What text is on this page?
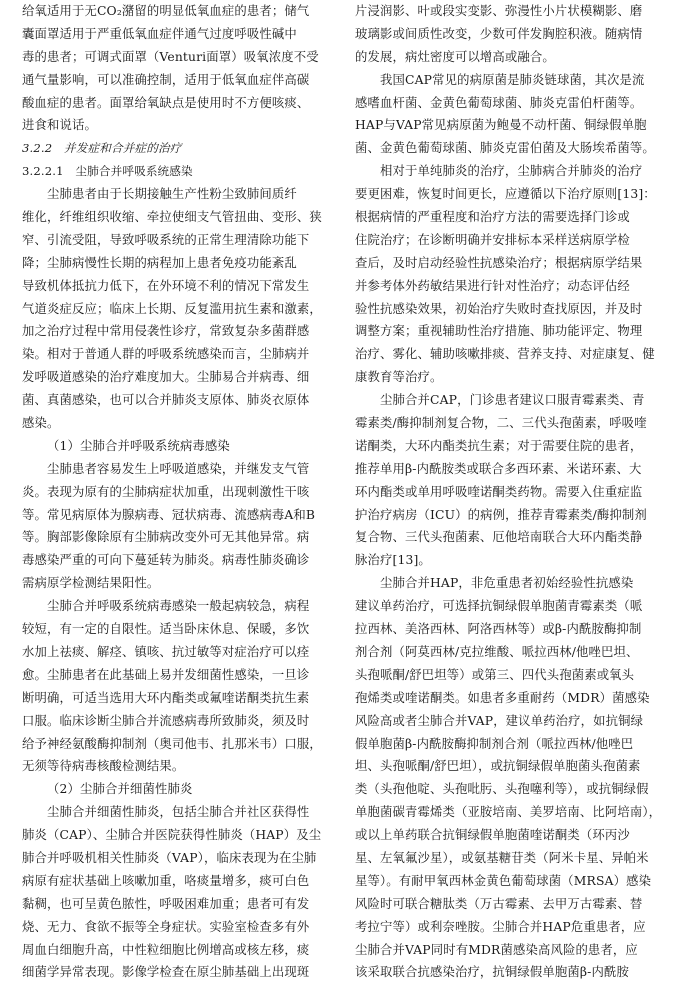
给氧适用于无CO₂潴留的明显低氧血症的患者；储气
囊面罩适用于严重低氧血症伴通气过度呼吸性碱中
毒的患者；可调式面罩（Venturi面罩）吸氧浓度不受
通气量影响，可以准确控制，适用于低氧血症伴高碳
酸血症的患者。面罩给氧缺点是使用时不方便咳痰、
进食和说话。
3.2.2　并发症和合并症的治疗
3.2.2.1　尘肺合并呼吸系统感染
尘肺患者由于长期接触生产性粉尘致肺间质纤
维化，纤维组织收缩、牵拉使细支气管扭曲、变形、狭
窄、引流受阻，导致呼吸系统的正常生理清除功能下
降；尘肺病慢性长期的病程加上患者免疫功能紊乱
导致机体抵抗力低下，在外环境不利的情况下常发生
气道炎症反应；临床上长期、反复滥用抗生素和激素，
加之治疗过程中常用侵袭性诊疗，常致复杂多菌群感
染。相对于普通人群的呼吸系统感染而言，尘肺病并
发呼吸道感染的治疗难度加大。尘肺易合并病毒、细
菌、真菌感染，也可以合并肺炎支原体、肺炎衣原体
感染。
（1）尘肺合并呼吸系统病毒感染
尘肺患者容易发生上呼吸道感染，并继发支气管
炎。表现为原有的尘肺病症状加重，出现刺激性干咳
等。常见病原体为腺病毒、冠状病毒、流感病毒A和B
等。胸部影像除原有尘肺病改变外可无其他异常。病
毒感染严重的可向下蔓延转为肺炎。病毒性肺炎确诊
需病原学检测结果阳性。
尘肺合并呼吸系统病毒感染一般起病较急，病程
较短，有一定的自限性。适当卧床休息、保暖，多饮
水加上祛痰、解痉、镇咳、抗过敏等对症治疗可以痊
愈。尘肺患者在此基础上易并发细菌性感染，一旦诊
断明确，可适当选用大环内酯类或氟喹诺酮类抗生素
口服。临床诊断尘肺合并流感病毒所致肺炎，须及时
给予神经氨酸酶抑制剂（奥司他韦、扎那米韦）口服，
无须等待病毒核酸检测结果。
（2）尘肺合并细菌性肺炎
尘肺合并细菌性肺炎，包括尘肺合并社区获得性
肺炎（CAP）、尘肺合并医院获得性肺炎（HAP）及尘
肺合并呼吸机相关性肺炎（VAP），临床表现为在尘肺
病原有症状基础上咳嗽加重，咯痰量增多，痰可白色
黏稠，也可呈黄色脓性，呼吸困难加重；患者可有发
烧、无力、食欲不振等全身症状。实验室检查多有外
周血白细胞升高，中性粒细胞比例增高或核左移，痰
细菌学异常表现。影像学检查在原尘肺基础上出现斑
片浸润影、叶或段实变影、弥漫性小片状模糊影、磨
玻璃影或间质性改变，少数可伴发胸腔积液。随病情
的发展，病灶密度可以增高或融合。
我国CAP常见的病原菌是肺炎链球菌，其次是流
感嗜血杆菌、金黄色葡萄球菌、肺炎克雷伯杆菌等。
HAP与VAP常见病原菌为鲍曼不动杆菌、铜绿假单胞
菌、金黄色葡萄球菌、肺炎克雷伯菌及大肠埃希菌等。
相对于单纯肺炎的治疗，尘肺病合并肺炎的治疗
要更困难，恢复时间更长，应遵循以下治疗原则[13]：
根据病情的严重程度和治疗方法的需要选择门诊或
住院治疗；在诊断明确并安排标本采样送病原学检
查后，及时启动经验性抗感染治疗；根据病原学结果
并参考体外药敏结果进行针对性治疗；动态评估经
验性抗感染效果，初始治疗失败时查找原因，并及时
调整方案；重视辅助性治疗措施、肺功能评定、物理
治疗、雾化、辅助咳嗽排痰、营养支持、对症康复、健
康教育等治疗。
尘肺合并CAP，门诊患者建议口服青霉素类、青
霉素类/酶抑制剂复合物，二、三代头孢菌素，呼吸喹
诺酮类，大环内酯类抗生素；对于需要住院的患者，
推荐单用β-内酰胺类或联合多西环素、米诺环素、大
环内酯类或单用呼吸喹诺酮类药物。需要入住重症监
护治疗病房（ICU）的病例，推荐青霉素类/酶抑制剂
复合物、三代头孢菌素、厄他培南联合大环内酯类静
脉治疗[13]。
尘肺合并HAP，非危重患者初始经验性抗感染
建议单药治疗，可选择抗铜绿假单胞菌青霉素类（哌
拉西林、美洛西林、阿洛西林等）或β-内酰胺酶抑制
剂合剂（阿莫西林/克拉维酸、哌拉西林/他唑巴坦、
头孢哌酮/舒巴坦等）或第三、四代头孢菌素或氧头
孢烯类或喹诺酮类。如患者多重耐药（MDR）菌感染
风险高或者尘肺合并VAP，建议单药治疗，如抗铜绿
假单胞菌β-内酰胺酶抑制剂合剂（哌拉西林/他唑巴
坦、头孢哌酮/舒巴坦），或抗铜绿假单胞菌头孢菌素
类（头孢他啶、头孢吡肟、头孢噻利等），或抗铜绿假
单胞菌碳青霉烯类（亚胺培南、美罗培南、比阿培南），
或以上单药联合抗铜绿假单胞菌喹诺酮类（环丙沙
星、左氧氟沙星），或氨基糖苷类（阿米卡星、异帕米
星等）。有耐甲氧西林金黄色葡萄球菌（MRSA）感染
风险时可联合糖肽类（万古霉素、去甲万古霉素、替
考拉宁等）或利奈唑胺。尘肺合并HAP危重患者，应
尘肺合并VAP同时有MDR菌感染高风险的患者，应
该采取联合抗感染治疗，抗铜绿假单胞菌β-内酰胺
